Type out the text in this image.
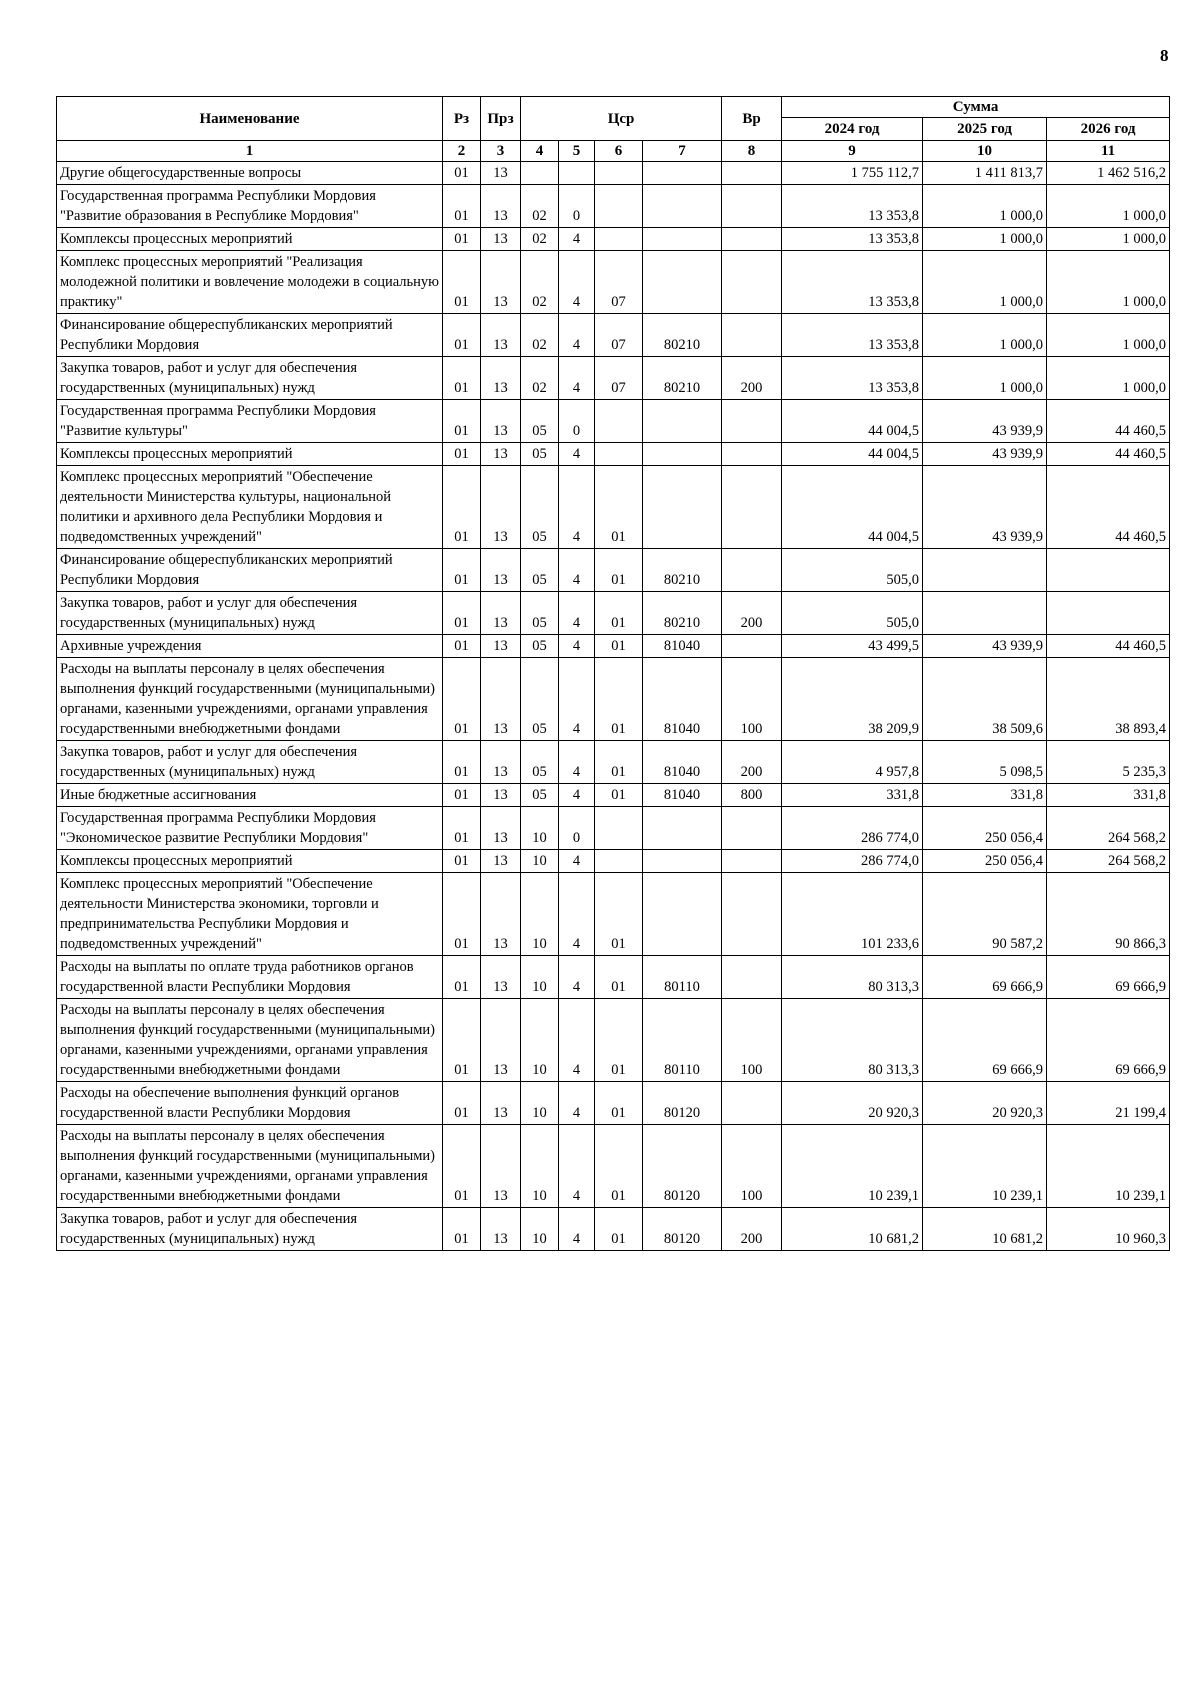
8
Наименование	Рз	Прз	Цср				Вр	Сумма		
								2024 год	2025 год	2026 год
1	2	3	4	5	6	7	8	9	10	11
Другие общегосударственные вопросы	01	13						1 755 112,7	1 411 813,7	1 462 516,2
Государственная программа Республики Мордовия "Развитие образования в Республике Мордовия"	01	13	02	0				13 353,8	1 000,0	1 000,0
Комплексы процессных мероприятий	01	13	02	4				13 353,8	1 000,0	1 000,0
Комплекс процессных мероприятий "Реализация молодежной политики и вовлечение молодежи в социальную практику"	01	13	02	4	07			13 353,8	1 000,0	1 000,0
Финансирование общереспубликанских мероприятий Республики Мордовия	01	13	02	4	07	80210		13 353,8	1 000,0	1 000,0
Закупка товаров, работ и услуг для обеспечения государственных (муниципальных) нужд	01	13	02	4	07	80210	200	13 353,8	1 000,0	1 000,0
Государственная программа Республики Мордовия "Развитие культуры"	01	13	05	0				44 004,5	43 939,9	44 460,5
Комплексы процессных мероприятий	01	13	05	4				44 004,5	43 939,9	44 460,5
Комплекс процессных мероприятий "Обеспечение деятельности Министерства культуры, национальной политики и архивного дела Республики Мордовия и подведомственных учреждений"	01	13	05	4	01			44 004,5	43 939,9	44 460,5
Финансирование общереспубликанских мероприятий Республики Мордовия	01	13	05	4	01	80210		505,0		
Закупка товаров, работ и услуг для обеспечения государственных (муниципальных) нужд	01	13	05	4	01	80210	200	505,0		
Архивные учреждения	01	13	05	4	01	81040		43 499,5	43 939,9	44 460,5
Расходы на выплаты персоналу в целях обеспечения выполнения функций государственными (муниципальными) органами, казенными учреждениями, органами управления государственными внебюджетными фондами	01	13	05	4	01	81040	100	38 209,9	38 509,6	38 893,4
Закупка товаров, работ и услуг для обеспечения государственных (муниципальных) нужд	01	13	05	4	01	81040	200	4 957,8	5 098,5	5 235,3
Иные бюджетные ассигнования	01	13	05	4	01	81040	800	331,8	331,8	331,8
Государственная программа Республики Мордовия "Экономическое развитие Республики Мордовия"	01	13	10	0				286 774,0	250 056,4	264 568,2
Комплексы процессных мероприятий	01	13	10	4				286 774,0	250 056,4	264 568,2
Комплекс процессных мероприятий "Обеспечение деятельности Министерства экономики, торговли и предпринимательства Республики Мордовия и подведомственных учреждений"	01	13	10	4	01			101 233,6	90 587,2	90 866,3
Расходы на выплаты по оплате труда работников органов государственной власти Республики Мордовия	01	13	10	4	01	80110		80 313,3	69 666,9	69 666,9
Расходы на выплаты персоналу в целях обеспечения выполнения функций государственными (муниципальными) органами, казенными учреждениями, органами управления государственными внебюджетными фондами	01	13	10	4	01	80110	100	80 313,3	69 666,9	69 666,9
Расходы на обеспечение выполнения функций органов государственной власти Республики Мордовия	01	13	10	4	01	80120		20 920,3	20 920,3	21 199,4
Расходы на выплаты персоналу в целях обеспечения выполнения функций государственными (муниципальными) органами, казенными учреждениями, органами управления государственными внебюджетными фондами	01	13	10	4	01	80120	100	10 239,1	10 239,1	10 239,1
Закупка товаров, работ и услуг для обеспечения государственных (муниципальных) нужд	01	13	10	4	01	80120	200	10 681,2	10 681,2	10 960,3
